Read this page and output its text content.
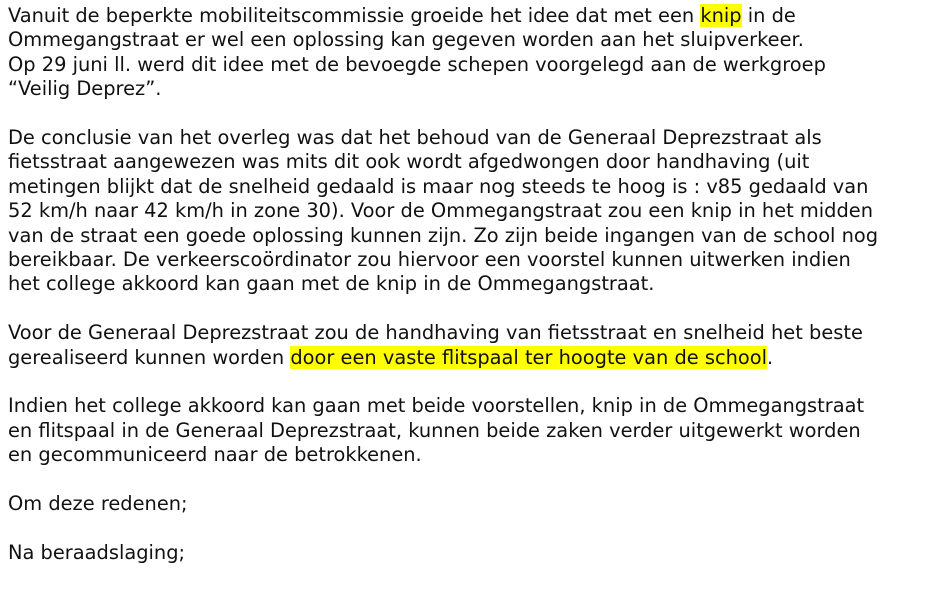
Vanuit de beperkte mobiliteitscommissie groeide het idee dat met een knip in de
Ommegangstraat er wel een oplossing kan gegeven worden aan het sluipverkeer.
Op 29 juni ll. werd dit idee met de bevoegde schepen voorgelegd aan de werkgroep
“Veilig Deprez”.

De conclusie van het overleg was dat het behoud van de Generaal Deprezstraat als
fietsstraat aangewezen was mits dit ook wordt afgedwongen door handhaving (uit
metingen blijkt dat de snelheid gedaald is maar nog steeds te hoog is : v85 gedaald van
52 km/h naar 42 km/h in zone 30). Voor de Ommegangstraat zou een knip in het midden
van de straat een goede oplossing kunnen zijn. Zo zijn beide ingangen van de school nog
bereikbaar. De verkeerscoördinator zou hiervoor een voorstel kunnen uitwerken indien
het college akkoord kan gaan met de knip in de Ommegangstraat.

Voor de Generaal Deprezstraat zou de handhaving van fietsstraat en snelheid het beste
gerealiseerd kunnen worden door een vaste flitspaal ter hoogte van de school.

Indien het college akkoord kan gaan met beide voorstellen, knip in de Ommegangstraat
en flitspaal in de Generaal Deprezstraat, kunnen beide zaken verder uitgewerkt worden
en gecommuniceerd naar de betrokkenen.

Om deze redenen;

Na beraadslaging;
